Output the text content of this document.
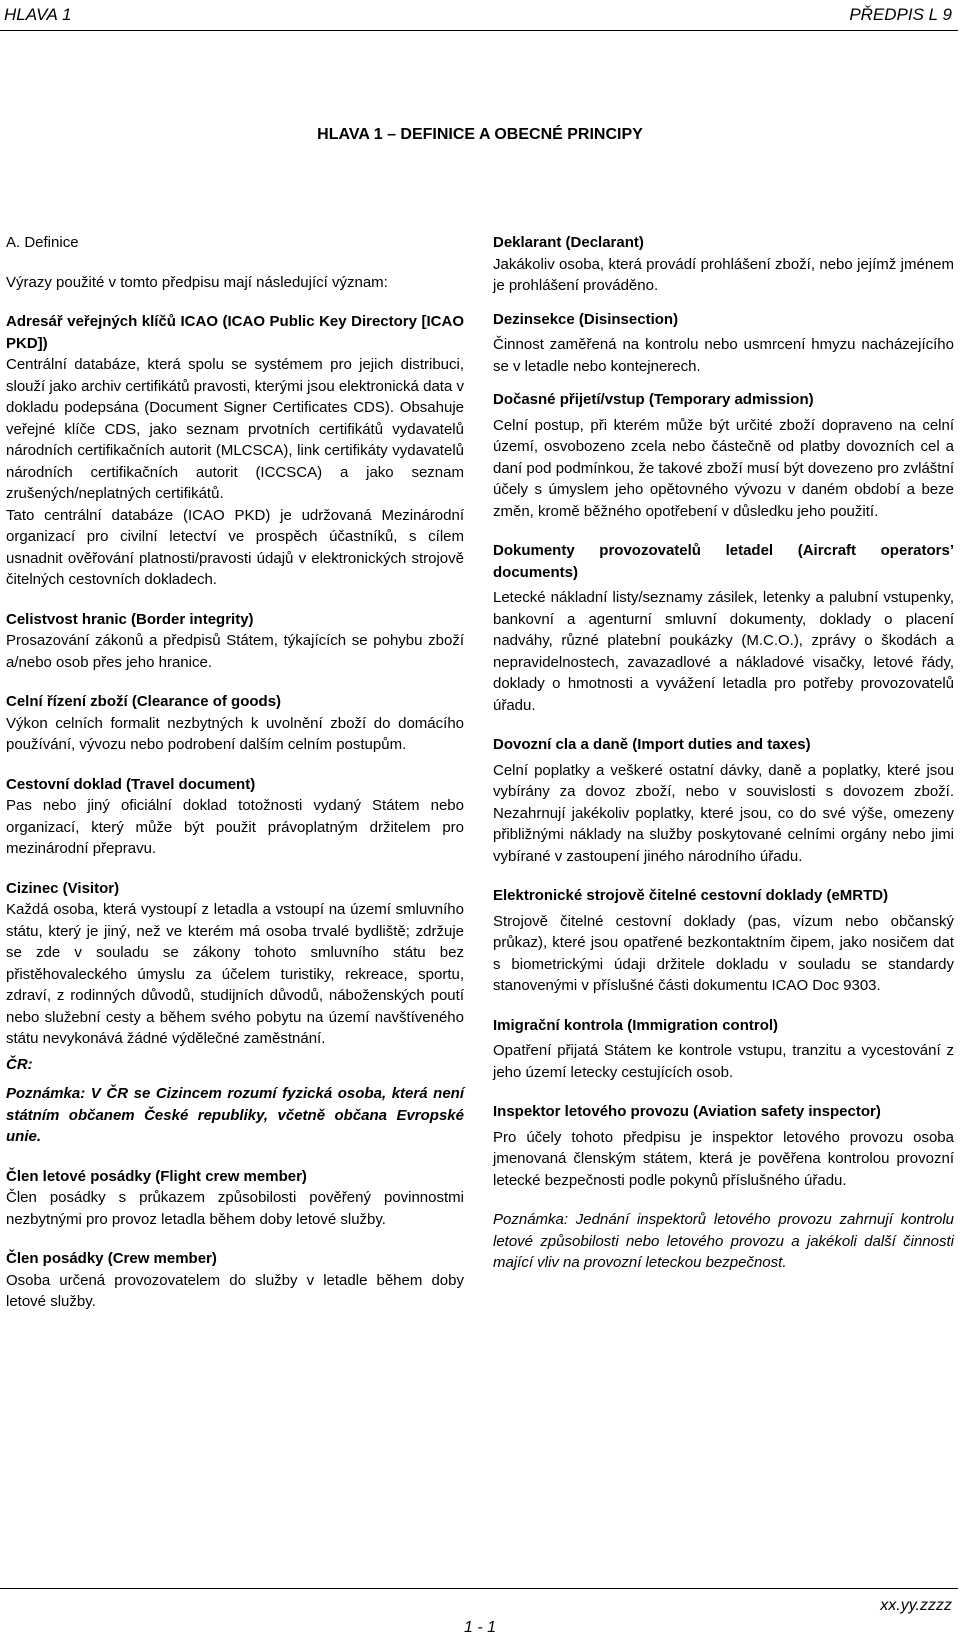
HLAVA 1	PŘEDPIS L 9
HLAVA 1 – DEFINICE A OBECNÉ PRINCIPY

A. Definice

Výrazy použité v tomto předpisu mají následující význam:

Adresář veřejných klíčů ICAO (ICAO Public Key Directory [ICAO PKD])

Centrální databáze, která spolu se systémem pro jejich distribuci, slouží jako archiv certifikátů pravosti, kterými jsou elektronická data v dokladu podepsána (Document Signer Certificates CDS). Obsahuje veřejné klíče CDS, jako seznam prvotních certifikátů vydavatelů národních certifikačních autorit (MLCSCA), link certifikáty vydavatelů národních certifikačních autorit (ICCSCA) a jako seznam zrušených/neplatných certifikátů.

Tato centrální databáze (ICAO PKD) je udržovaná Mezinárodní organizací pro civilní letectví ve prospěch účastníků, s cílem usnadnit ověřování platnosti/pravosti údajů v elektronických strojově čitelných cestovních dokladech.

Celistvost hranic (Border integrity)

Prosazování zákonů a předpisů Státem, týkajících se pohybu zboží a/nebo osob přes jeho hranice.

Celní řízení zboží (Clearance of goods)

Výkon celních formalit nezbytných k uvolnění zboží do domácího používání, vývozu nebo podrobení dalším celním postupům.

Cestovní doklad (Travel document)

Pas nebo jiný oficiální doklad totožnosti vydaný Státem nebo organizací, který může být použit právoplatným držitelem pro mezinárodní přepravu.

Cizinec (Visitor)

Každá osoba, která vystoupí z letadla a vstoupí na území smluvního státu, který je jiný, než ve kterém má osoba trvalé bydliště; zdržuje se zde v souladu se zákony tohoto smluvního státu bez přistěhovaleckého úmyslu za účelem turistiky, rekreace, sportu, zdraví, z rodinných důvodů, studijních důvodů, náboženských poutí nebo služební cesty a během svého pobytu na území navštíveného státu nevykonává žádné výdělečné zaměstnání.

ČR:

Poznámka: V ČR se Cizincem rozumí fyzická osoba, která není státním občanem České republiky, včetně občana Evropské unie.

Člen letové posádky (Flight crew member)

Člen posádky s průkazem způsobilosti pověřený povinnostmi nezbytnými pro provoz letadla během doby letové služby.

Člen posádky (Crew member)

Osoba určená provozovatelem do služby v letadle během doby letové služby.

Deklarant (Declarant)

Jakákoliv osoba, která provádí prohlášení zboží, nebo jejímž jménem je prohlášení prováděno.

Dezinsekce (Disinsection)

Činnost zaměřená na kontrolu nebo usmrcení hmyzu nacházejícího se v letadle nebo kontejnerech.

Dočasné přijetí/vstup (Temporary admission)

Celní postup, při kterém může být určité zboží dopraveno na celní území, osvobozeno zcela nebo částečně od platby dovozních cel a daní pod podmínkou, že takové zboží musí být dovezeno pro zvláštní účely s úmyslem jeho opětovného vývozu v daném období a beze změn, kromě běžného opotřebení v důsledku jeho použití.

Dokumenty provozovatelů letadel (Aircraft operators’ documents)

Letecké nákladní listy/seznamy zásilek, letenky a palubní vstupenky, bankovní a agenturní smluvní dokumenty, doklady o placení nadváhy, různé platební poukázky (M.C.O.), zprávy o škodách a nepravidelnostech, zavazadlové a nákladové visačky, letové řády, doklady o hmotnosti a vyvážení letadla pro potřeby provozovatelů úřadu.

Dovozní cla a daně (Import duties and taxes)

Celní poplatky a veškeré ostatní dávky, daně a poplatky, které jsou vybírány za dovoz zboží, nebo v souvislosti s dovozem zboží. Nezahrnují jakékoliv poplatky, které jsou, co do své výše, omezeny přibližnými náklady na služby poskytované celními orgány nebo jimi vybírané v zastoupení jiného národního úřadu.

Elektronické strojově čitelné cestovní doklady (eMRTD)

Strojově čitelné cestovní doklady (pas, vízum nebo občanský průkaz), které jsou opatřené bezkontaktním čipem, jako nosičem dat s biometrickými údaji držitele dokladu v souladu se standardy stanovenými v příslušné části dokumentu ICAO Doc 9303.

Imigrační kontrola (Immigration control)

Opatření přijatá Státem ke kontrole vstupu, tranzitu a vycestování z jeho území letecky cestujících osob.

Inspektor letového provozu (Aviation safety inspector)

Pro účely tohoto předpisu je inspektor letového provozu osoba jmenovaná členským státem, která je pověřena kontrolou provozní letecké bezpečnosti podle pokynů příslušného úřadu.

Poznámka: Jednání inspektorů letového provozu zahrnují kontrolu letové způsobilosti nebo letového provozu a jakékoli další činnosti mající vliv na provozní leteckou bezpečnost.

xx.yy.zzzz
1 - 1
